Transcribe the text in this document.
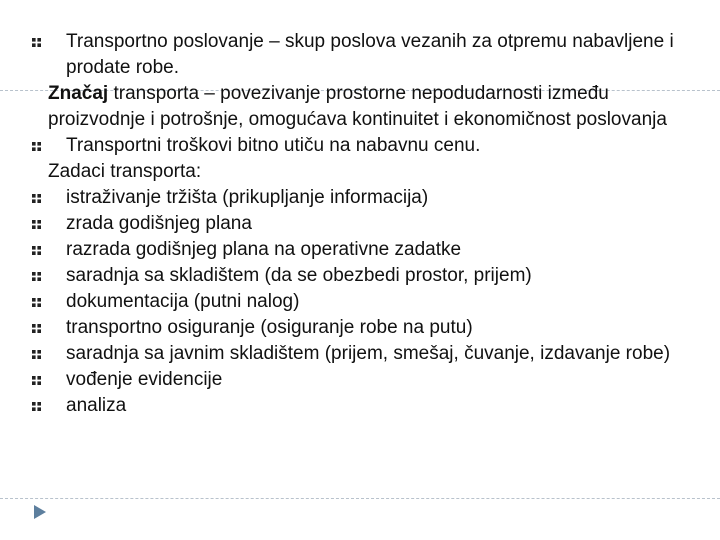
Transportno poslovanje – skup poslova vezanih za otpremu nabavljene i prodate robe.
Značaj transporta – povezivanje prostorne nepodudarnosti između proizvodnje i potrošnje, omogućava kontinuitet i ekonomičnost poslovanja
Transportni troškovi bitno utiču na nabavnu cenu.
Zadaci transporta:
istraživanje tržišta (prikupljanje informacija)
zrada godišnjeg plana
razrada godišnjeg plana na operativne zadatke
saradnja sa skladištem (da se obezbedi prostor, prijem)
dokumentacija (putni nalog)
transportno osiguranje (osiguranje robe na putu)
saradnja sa javnim skladištem (prijem, smešaj, čuvanje, izdavanje robe)
vođenje evidencije
analiza
